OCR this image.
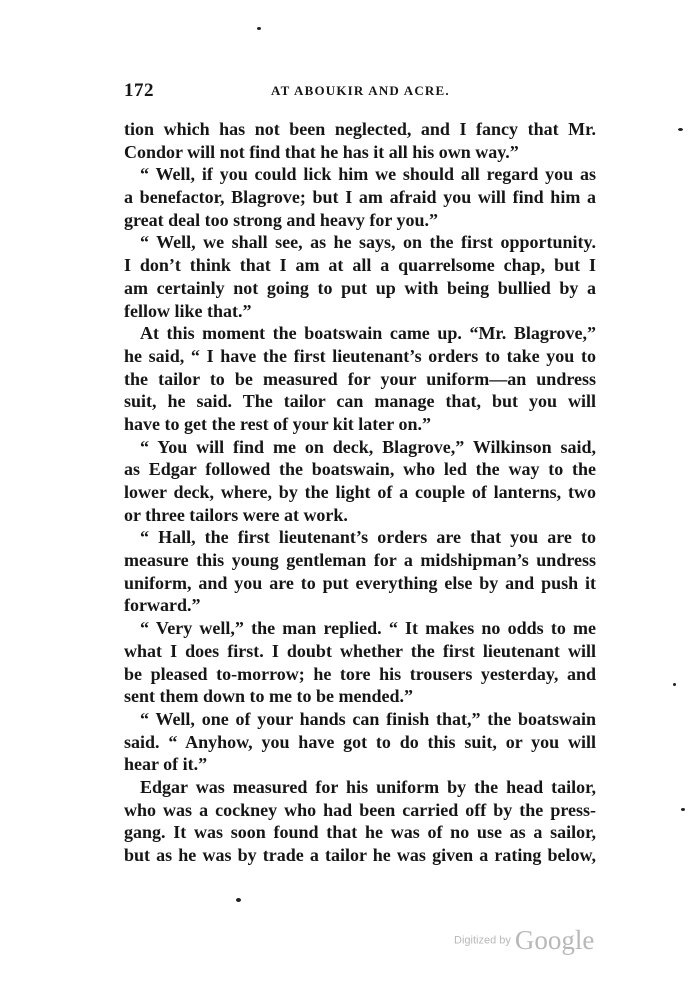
172	AT ABOUKIR AND ACRE.
tion which has not been neglected, and I fancy that Mr.
Condor will not find that he has it all his own way.”
“ Well, if you could lick him we should all regard you as
a benefactor, Blagrove; but I am afraid you will find him a
great deal too strong and heavy for you.”
“ Well, we shall see, as he says, on the first opportunity.
I don’t think that I am at all a quarrelsome chap, but I
am certainly not going to put up with being bullied by a
fellow like that.”
At this moment the boatswain came up. “Mr. Blagrove,”
he said, “ I have the first lieutenant’s orders to take you to
the tailor to be measured for your uniform—an undress
suit, he said. The tailor can manage that, but you will
have to get the rest of your kit later on.”
“ You will find me on deck, Blagrove,” Wilkinson said,
as Edgar followed the boatswain, who led the way to the
lower deck, where, by the light of a couple of lanterns, two
or three tailors were at work.
“ Hall, the first lieutenant’s orders are that you are to
measure this young gentleman for a midshipman’s undress
uniform, and you are to put everything else by and push it
forward.”
“ Very well,” the man replied. “ It makes no odds to me
what I does first. I doubt whether the first lieutenant will
be pleased to-morrow; he tore his trousers yesterday, and
sent them down to me to be mended.”
“ Well, one of your hands can finish that,” the boatswain
said. “ Anyhow, you have got to do this suit, or you will
hear of it.”
Edgar was measured for his uniform by the head tailor,
who was a cockney who had been carried off by the press-
gang. It was soon found that he was of no use as a sailor,
but as he was by trade a tailor he was given a rating below,
Digitized by Google
